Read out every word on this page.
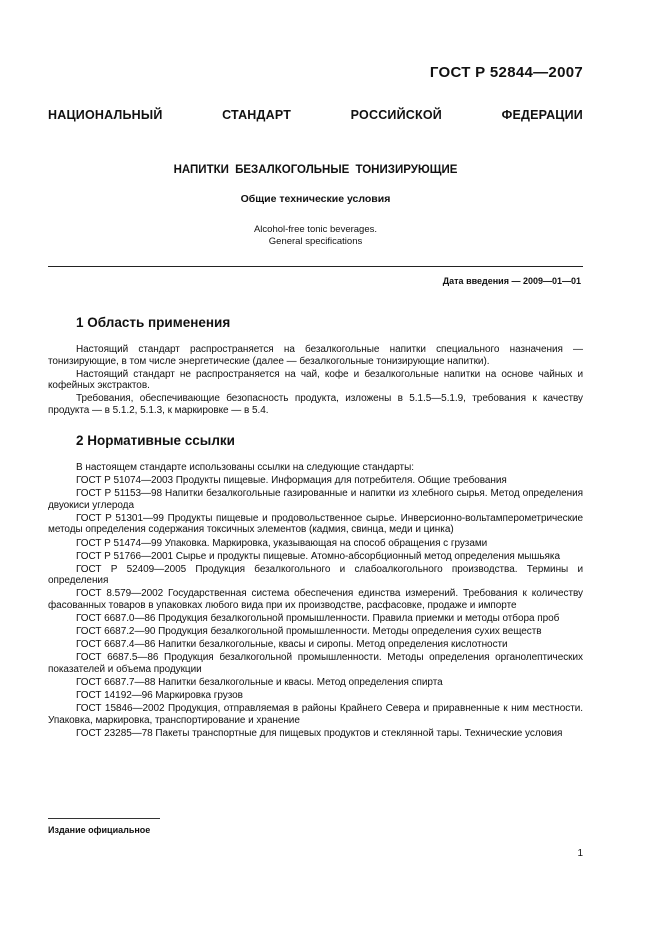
ГОСТ Р 52844—2007
НАЦИОНАЛЬНЫЙ СТАНДАРТ РОССИЙСКОЙ ФЕДЕРАЦИИ
НАПИТКИ БЕЗАЛКОГОЛЬНЫЕ ТОНИЗИРУЮЩИЕ
Общие технические условия
Alcohol-free tonic beverages.
General specifications
Дата введения — 2009—01—01
1 Область применения

Настоящий стандарт распространяется на безалкогольные напитки специального назначения — тонизирующие, в том числе энергетические (далее — безалкогольные тонизирующие напитки).

Настоящий стандарт не распространяется на чай, кофе и безалкогольные напитки на основе чайных и кофейных экстрактов.

Требования, обеспечивающие безопасность продукта, изложены в 5.1.5—5.1.9, требования к качеству продукта — в 5.1.2, 5.1.3, к маркировке — в 5.4.

2 Нормативные ссылки

В настоящем стандарте использованы ссылки на следующие стандарты:

ГОСТ Р 51074—2003 Продукты пищевые. Информация для потребителя. Общие требования

ГОСТ Р 51153—98 Напитки безалкогольные газированные и напитки из хлебного сырья. Метод определения двуокиси углерода

ГОСТ Р 51301—99 Продукты пищевые и продовольственное сырье. Инверсионно-вольтамперометрические методы определения содержания токсичных элементов (кадмия, свинца, меди и цинка)

ГОСТ Р 51474—99 Упаковка. Маркировка, указывающая на способ обращения с грузами

ГОСТ Р 51766—2001 Сырье и продукты пищевые. Атомно-абсорбционный метод определения мышьяка

ГОСТ Р 52409—2005 Продукция безалкогольного и слабоалкогольного производства. Термины и определения

ГОСТ 8.579—2002 Государственная система обеспечения единства измерений. Требования к количеству фасованных товаров в упаковках любого вида при их производстве, расфасовке, продаже и импорте

ГОСТ 6687.0—86 Продукция безалкогольной промышленности. Правила приемки и методы отбора проб

ГОСТ 6687.2—90 Продукция безалкогольной промышленности. Методы определения сухих веществ

ГОСТ 6687.4—86 Напитки безалкогольные, квасы и сиропы. Метод определения кислотности

ГОСТ 6687.5—86 Продукция безалкогольной промышленности. Методы определения органолептических показателей и объема продукции

ГОСТ 6687.7—88 Напитки безалкогольные и квасы. Метод определения спирта

ГОСТ 14192—96 Маркировка грузов

ГОСТ 15846—2002 Продукция, отправляемая в районы Крайнего Севера и приравненные к ним местности. Упаковка, маркировка, транспортирование и хранение

ГОСТ 23285—78 Пакеты транспортные для пищевых продуктов и стеклянной тары. Технические условия

Издание официальное
1
